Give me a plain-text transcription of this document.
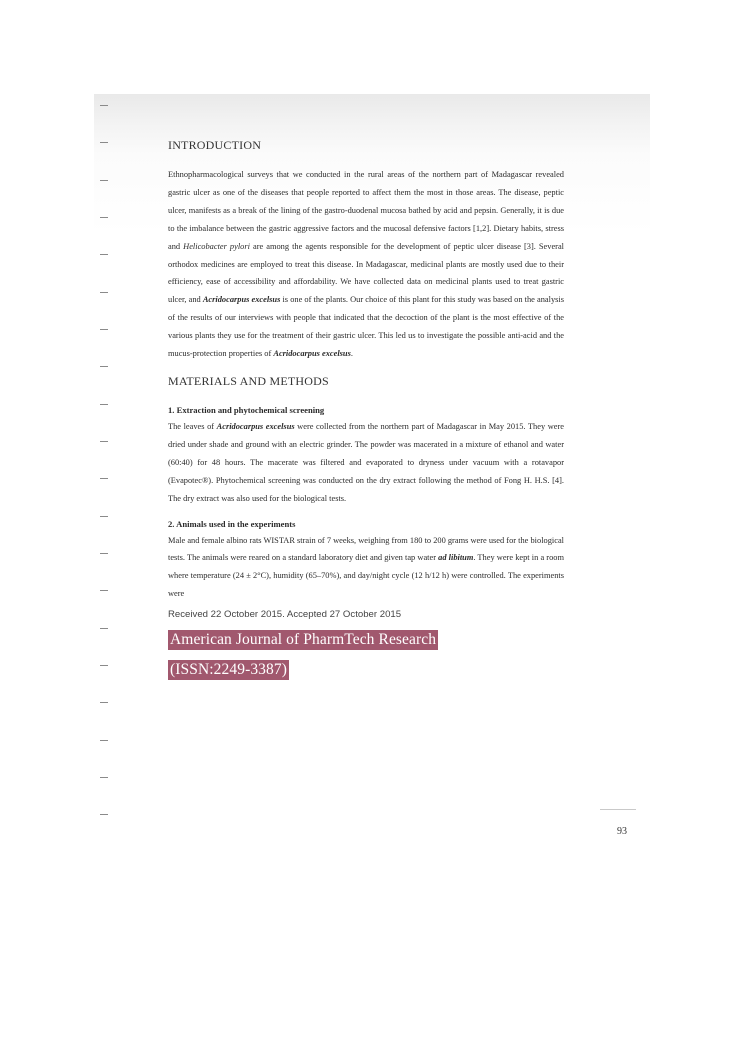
INTRODUCTION

Ethnopharmacological surveys that we conducted in the rural areas of the northern part of Madagascar revealed gastric ulcer as one of the diseases that people reported to affect them the most in those areas. The disease, peptic ulcer, manifests as a break of the lining of the gastro-duodenal mucosa bathed by acid and pepsin. Generally, it is due to the imbalance between the gastric aggressive factors and the mucosal defensive factors [1,2]. Dietary habits, stress and Helicobacter pylori are among the agents responsible for the development of peptic ulcer disease [3]. Several orthodox medicines are employed to treat this disease. In Madagascar, medicinal plants are mostly used due to their efficiency, ease of accessibility and affordability. We have collected data on medicinal plants used to treat gastric ulcer, and Acridocarpus excelsus is one of the plants. Our choice of this plant for this study was based on the analysis of the results of our interviews with people that indicated that the decoction of the plant is the most effective of the various plants they use for the treatment of their gastric ulcer. This led us to investigate the possible anti-acid and the mucus-protection properties of Acridocarpus excelsus.

MATERIALS AND METHODS
1. Extraction and phytochemical screening

The leaves of Acridocarpus excelsus were collected from the northern part of Madagascar in May 2015. They were dried under shade and ground with an electric grinder. The powder was macerated in a mixture of ethanol and water (60:40) for 48 hours. The macerate was filtered and evaporated to dryness under vacuum with a rotavapor (Evapotec®). Phytochemical screening was conducted on the dry extract following the method of Fong H. H.S. [4]. The dry extract was also used for the biological tests.

2. Animals used in the experiments

Male and female albino rats WISTAR strain of 7 weeks, weighing from 180 to 200 grams were used for the biological tests. The animals were reared on a standard laboratory diet and given tap water ad libitum. They were kept in a room where temperature (24 ± 2°C), humidity (65–70%), and day/night cycle (12 h/12 h) were controlled. The experiments were

Received 22 October 2015. Accepted 27 October 2015
American Journal of PharmTech Research
(ISSN:2249-3387)
93
